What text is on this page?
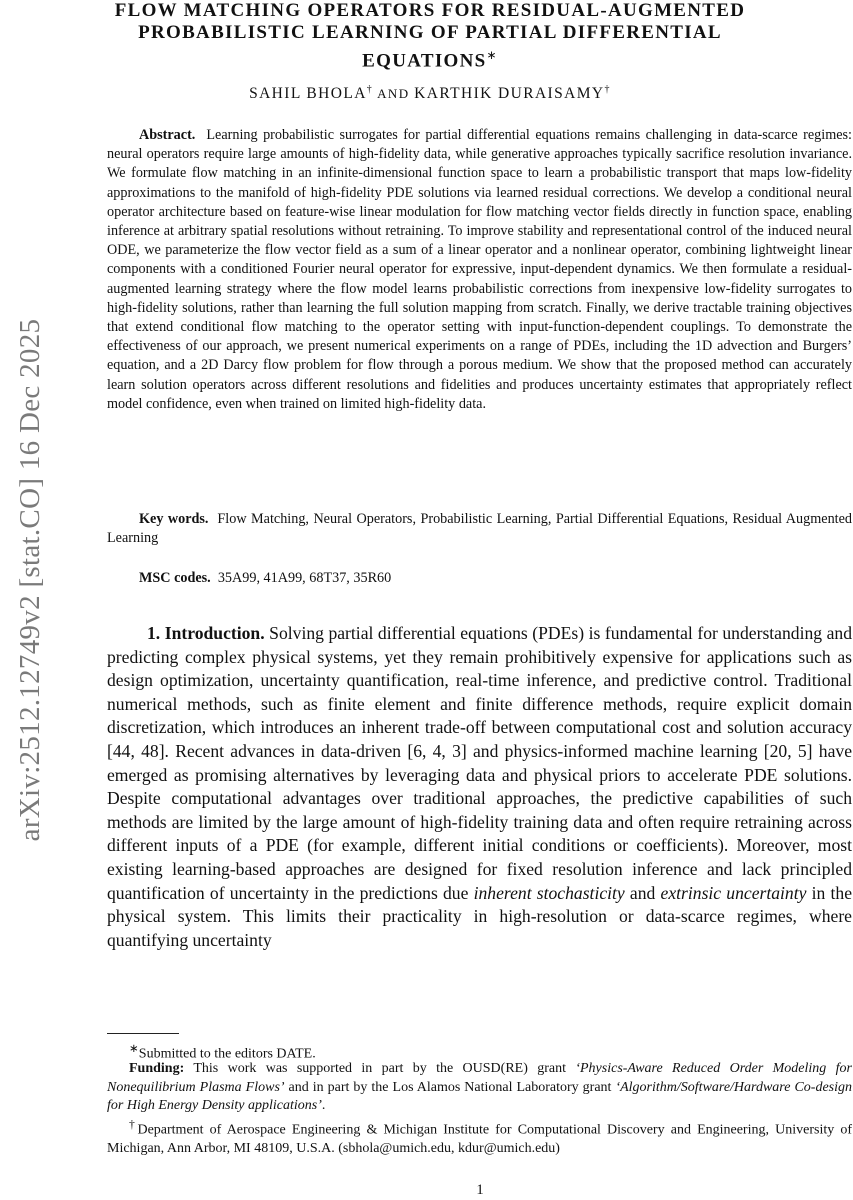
arXiv:2512.12749v2 [stat.CO] 16 Dec 2025
FLOW MATCHING OPERATORS FOR RESIDUAL-AUGMENTED PROBABILISTIC LEARNING OF PARTIAL DIFFERENTIAL EQUATIONS∗
SAHIL BHOLA† AND KARTHIK DURAISAMY†
Abstract. Learning probabilistic surrogates for partial differential equations remains challenging in data-scarce regimes: neural operators require large amounts of high-fidelity data, while generative approaches typically sacrifice resolution invariance. We formulate flow matching in an infinite-dimensional function space to learn a probabilistic transport that maps low-fidelity approximations to the manifold of high-fidelity PDE solutions via learned residual corrections. We develop a conditional neural operator architecture based on feature-wise linear modulation for flow matching vector fields directly in function space, enabling inference at arbitrary spatial resolutions without retraining. To improve stability and representational control of the induced neural ODE, we parameterize the flow vector field as a sum of a linear operator and a nonlinear operator, combining lightweight linear components with a conditioned Fourier neural operator for expressive, input-dependent dynamics. We then formulate a residual-augmented learning strategy where the flow model learns probabilistic corrections from inexpensive low-fidelity surrogates to high-fidelity solutions, rather than learning the full solution mapping from scratch. Finally, we derive tractable training objectives that extend conditional flow matching to the operator setting with input-function-dependent couplings. To demonstrate the effectiveness of our approach, we present numerical experiments on a range of PDEs, including the 1D advection and Burgers’ equation, and a 2D Darcy flow problem for flow through a porous medium. We show that the proposed method can accurately learn solution operators across different resolutions and fidelities and produces uncertainty estimates that appropriately reflect model confidence, even when trained on limited high-fidelity data.
Key words. Flow Matching, Neural Operators, Probabilistic Learning, Partial Differential Equations, Residual Augmented Learning
MSC codes. 35A99, 41A99, 68T37, 35R60
1. Introduction. Solving partial differential equations (PDEs) is fundamental for understanding and predicting complex physical systems, yet they remain prohibitively expensive for applications such as design optimization, uncertainty quantification, real-time inference, and predictive control. Traditional numerical methods, such as finite element and finite difference methods, require explicit domain discretization, which introduces an inherent trade-off between computational cost and solution accuracy [44, 48]. Recent advances in data-driven [6, 4, 3] and physics-informed machine learning [20, 5] have emerged as promising alternatives by leveraging data and physical priors to accelerate PDE solutions. Despite computational advantages over traditional approaches, the predictive capabilities of such methods are limited by the large amount of high-fidelity training data and often require retraining across different inputs of a PDE (for example, different initial conditions or coefficients). Moreover, most existing learning-based approaches are designed for fixed resolution inference and lack principled quantification of uncertainty in the predictions due inherent stochasticity and extrinsic uncertainty in the physical system. This limits their practicality in high-resolution or data-scarce regimes, where quantifying uncertainty
∗Submitted to the editors DATE.
Funding: This work was supported in part by the OUSD(RE) grant ‘Physics-Aware Reduced Order Modeling for Nonequilibrium Plasma Flows’ and in part by the Los Alamos National Laboratory grant ‘Algorithm/Software/Hardware Co-design for High Energy Density applications’.
†Department of Aerospace Engineering & Michigan Institute for Computational Discovery and Engineering, University of Michigan, Ann Arbor, MI 48109, U.S.A. (sbhola@umich.edu, kdur@umich.edu)
1
